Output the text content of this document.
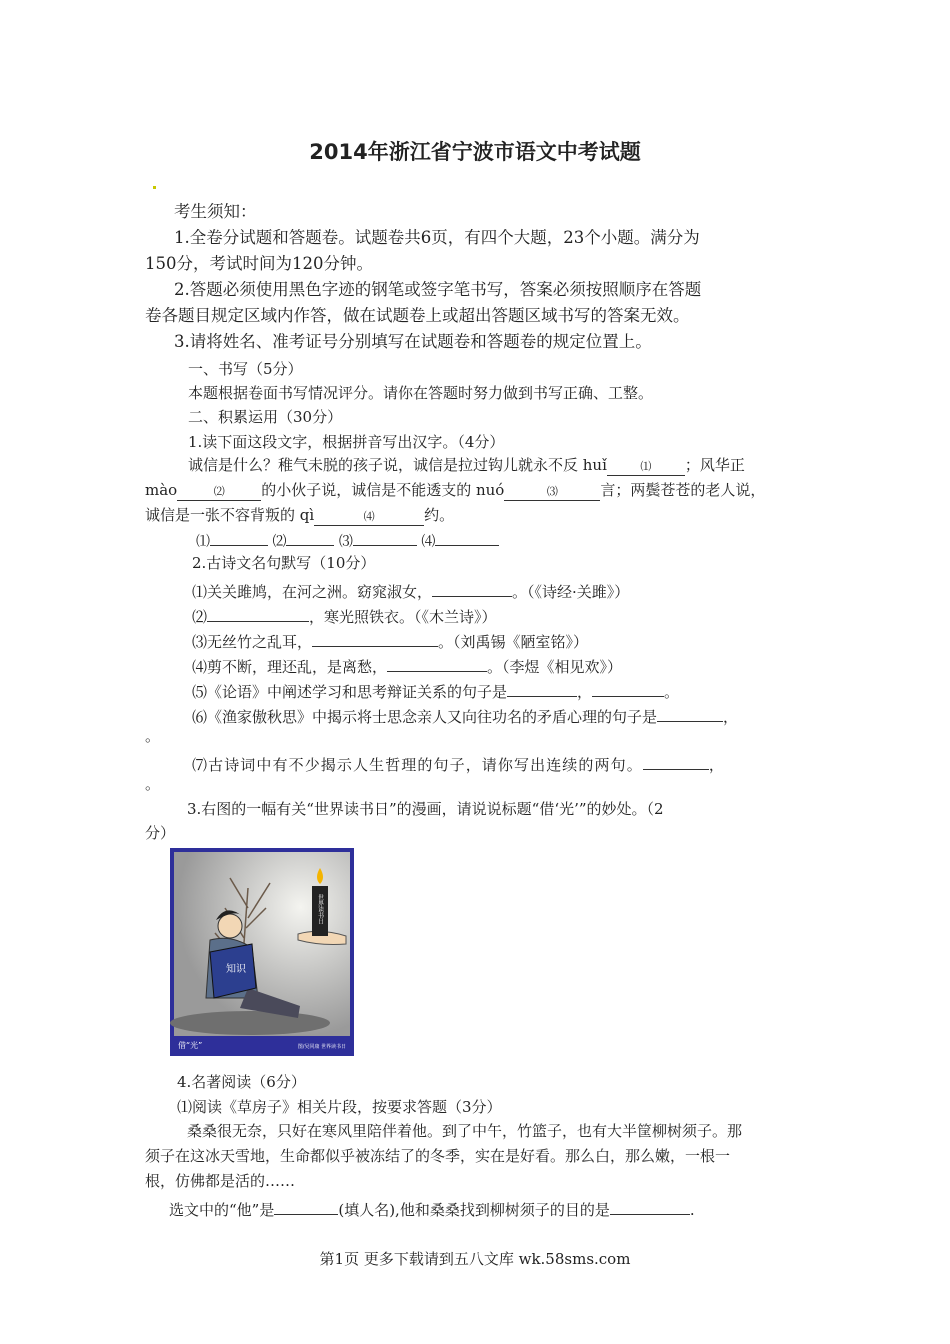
2014年浙江省宁波市语文中考试题
考生须知：
1.全卷分试题和答题卷。试题卷共6页，有四个大题，23个小题。满分为
150分，考试时间为120分钟。
2.答题必须使用黑色字迹的钢笔或签字笔书写，答案必须按照顺序在答题
卷各题目规定区域内作答，做在试题卷上或超出答题区域书写的答案无效。
3.请将姓名、准考证号分别填写在试题卷和答题卷的规定位置上。
一、书写（5分）
本题根据卷面书写情况评分。请你在答题时努力做到书写正确、工整。
二、积累运用（30分）
1.读下面这段文字，根据拼音写出汉字。（4分）
诚信是什么？稚气未脱的孩子说，诚信是拉过钩儿就永不反 huǐ	⑴ ；风华正
mào	⑵ 的小伙子说，诚信是不能透支的 nuó	⑶	言；两鬓苍苍的老人说，
诚信是一张不容背叛的 qì	⑷	约。
⑴	⑵	⑶	⑷
2.古诗文名句默写（10分）
⑴关关雎鸠，在河之洲。窈窕淑女，	。（《诗经·关雎》）
⑵	，寒光照铁衣。（《木兰诗》）
⑶无丝竹之乱耳，	。（刘禹锡《陋室铭》）
⑷剪不断，理还乱，是离愁，	。（李煜《相见欢》）
⑸《论语》中阐述学习和思考辩证关系的句子是	，	。
⑹《渔家傲秋思》中揭示将士思念亲人又向往功名的矛盾心理的句子是	，
。
⑺古诗词中有不少揭示人生哲理的句子，请你写出连续的两句。	，
。
3.右图的一幅有关“世界读书日”的漫画，请说说标题“借‘光’”的妙处。（2
分）
知识
世界读书日
借“光”	图/吴同康 世界读书日
4.名著阅读（6分）
⑴阅读《草房子》相关片段，按要求答题（3分）
桑桑很无奈，只好在寒风里陪伴着他。到了中午，竹篮子，也有大半筐柳树须子。那
须子在这冰天雪地，生命都似乎被冻结了的冬季，实在是好看。那么白，那么嫩，一根一
根，仿佛都是活的……
选文中的“他”是	(填人名),他和桑桑找到柳树须子的目的是	.
第1页 更多下载请到五八文库 wk.58sms.com
